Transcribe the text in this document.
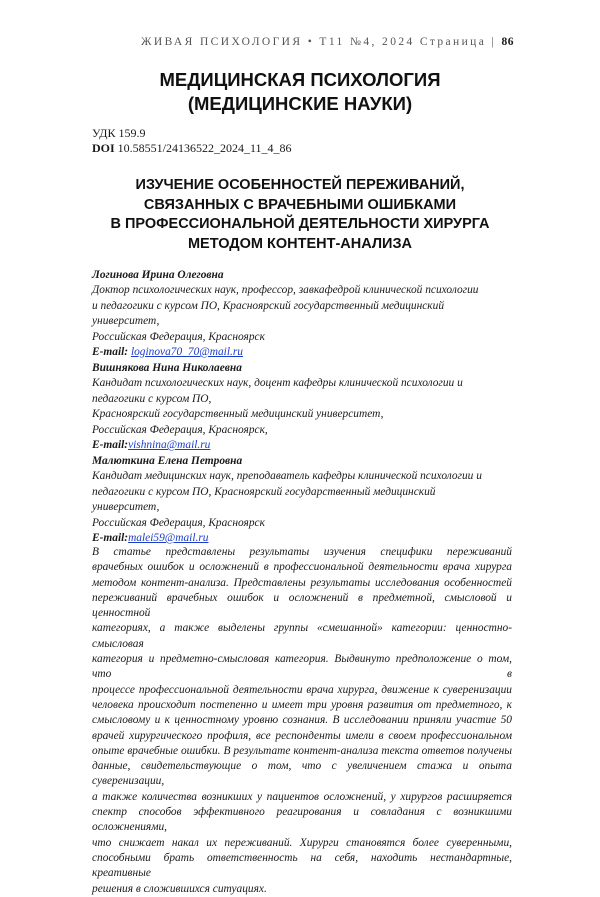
ЖИВАЯ ПСИХОЛОГИЯ • Т11 №4, 2024 Страница | 86
МЕДИЦИНСКАЯ ПСИХОЛОГИЯ
(МЕДИЦИНСКИЕ НАУКИ)
УДК 159.9
DOI 10.58551/24136522_2024_11_4_86
ИЗУЧЕНИЕ ОСОБЕННОСТЕЙ ПЕРЕЖИВАНИЙ,
СВЯЗАННЫХ С ВРАЧЕБНЫМИ ОШИБКАМИ
В ПРОФЕССИОНАЛЬНОЙ ДЕЯТЕЛЬНОСТИ ХИРУРГА
МЕТОДОМ КОНТЕНТ-АНАЛИЗА
Логинова Ирина Олеговна
Доктор психологических наук, профессор, завкафедрой клинической психологии
и педагогики с курсом ПО, Красноярский государственный медицинский
университет,
Российская Федерация, Красноярск
E-mail: loginova70_70@mail.ru
Вишнякова Нина Николаевна
Кандидат психологических наук, доцент кафедры клинической психологии и
педагогики с курсом ПО,
Красноярский государственный медицинский университет,
Российская Федерация, Красноярск,
E-mail:vishnina@mail.ru
Малюткина Елена Петровна
Кандидат медицинских наук, преподаватель кафедры клинической психологии и
педагогики с курсом ПО, Красноярский государственный медицинский
университет,
Российская Федерация, Красноярск
E-mail:malei59@mail.ru
В статье представлены результаты изучения специфики переживаний
врачебных ошибок и осложнений в профессиональной деятельности врача хирурга
методом контент-анализа. Представлены результаты исследования особенностей
переживаний врачебных ошибок и осложнений в предметной, смысловой и ценностной
категориях, а также выделены группы «смешанной» категории: ценностно-смысловая
категория и предметно-смысловая категория. Выдвинуто предположение о том, что в
процессе профессиональной деятельности врача хирурга, движение к суверенизации
человека происходит постепенно и имеет три уровня развития от предметного, к
смысловому и к ценностному уровню сознания. В исследовании приняли участие 50
врачей хирургического профиля, все респонденты имели в своем профессиональном
опыте врачебные ошибки. В результате контент-анализа текста ответов получены
данные, свидетельствующие о том, что с увеличением стажа и опыта суверенизации,
а также количества возникших у пациентов осложнений, у хирургов расширяется
спектр способов эффективного реагирования и совладания с возникшими осложнениями,
что снижает накал их переживаний. Хирурги становятся более суверенными,
способными брать ответственность на себя, находить нестандартные, креативные
решения в сложившихся ситуациях.
